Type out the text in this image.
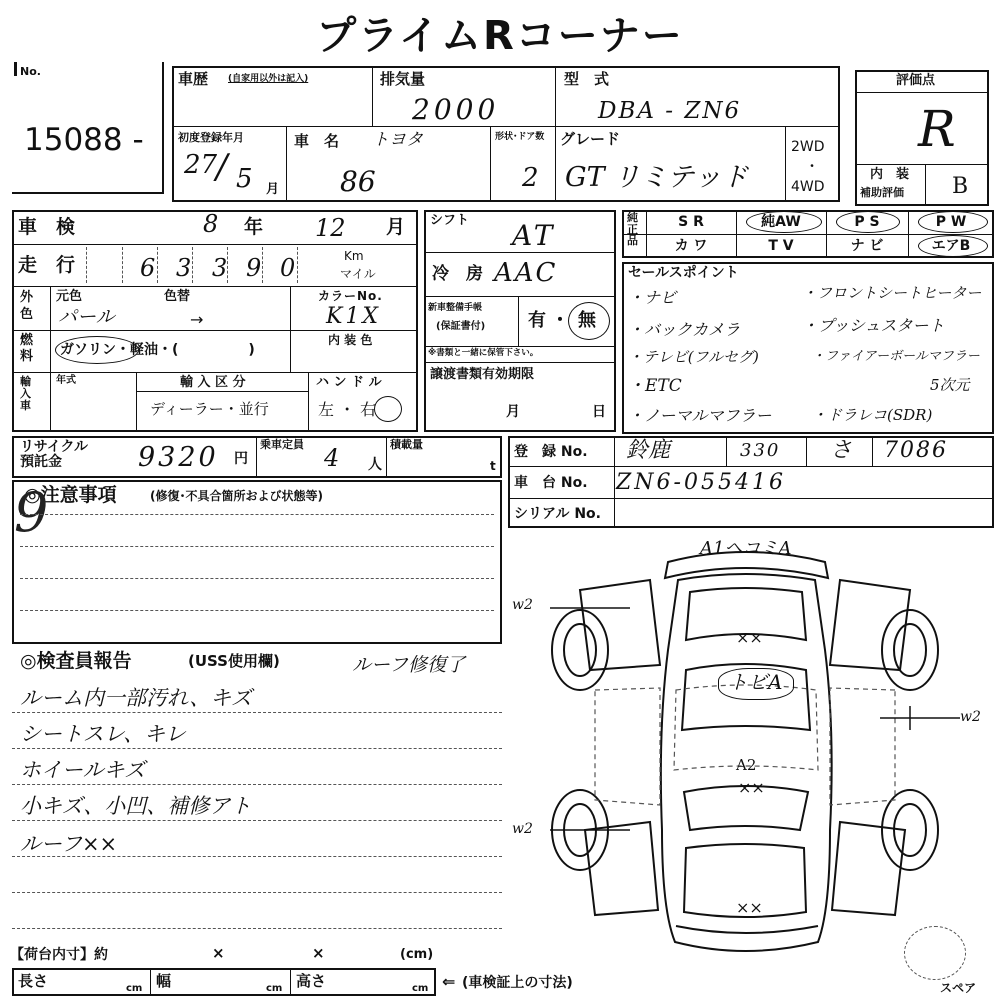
プライムRコーナー
No.
15088 -
車歴 (自家用以外は記入)	排気量
2000
型　式
DBA - ZN6
初度登録年月
27
/ 5 月
車　名 トヨタ
86
形状･ドア数
2
グレード
GT リミテッド
2WD
・
4WD
評価点
R
内　装
補助評価 B
車　検	8 年 12 月
走　行	6 3 3 9 0	Km
マイル
外
色
元色	色替
パール	→
カラーNo.
K1X
燃
料 ガソリン・軽油・(　　　　　)
内 装 色
輸
入
車
年式	輸 入 区 分
ディーラー・並行
ハ ン ド ル
左 ・ 右
シフト AT
冷　房 AAC
新車整備手帳
(保証書付) 有 ・ 無
※書類と一緒に保管下さい。
譲渡書類有効期限
月	日
純
正
品
S R	純AW	P S	P W
カ ワ	T V	ナ ビ	エアB
セールスポイント
・ナビ	・フロントシートヒーター
・バックカメラ	・プッシュスタート
・テレビ(フルセグ)	・ファイアーボールマフラー
・ETC	5次元
・ノーマルマフラー	・ドラレコ(SDR)
リサイクル
預託金	9320 円
乗車定員 4 人
積載量
t
登　録 No. 鈴鹿	330 さ 7086
車　台 No. ZN6-055416
シリアル No.
◎注意事項	(修復･不具合箇所および状態等)
9
◎検査員報告	(USS使用欄)	ルーフ修復了
ルーム内一部汚れ、キズ
シートスレ、キレ
ホイールキズ
小キズ、小凹、補修アト
ルーフ××
A1ヘコミA
××
トビA
A2
××
××
w2
w2
w2
【荷台内寸】約	×	×	(cm)
長さ	cm 幅	cm 高さ	cm ⇐ (車検証上の寸法)	スペア
